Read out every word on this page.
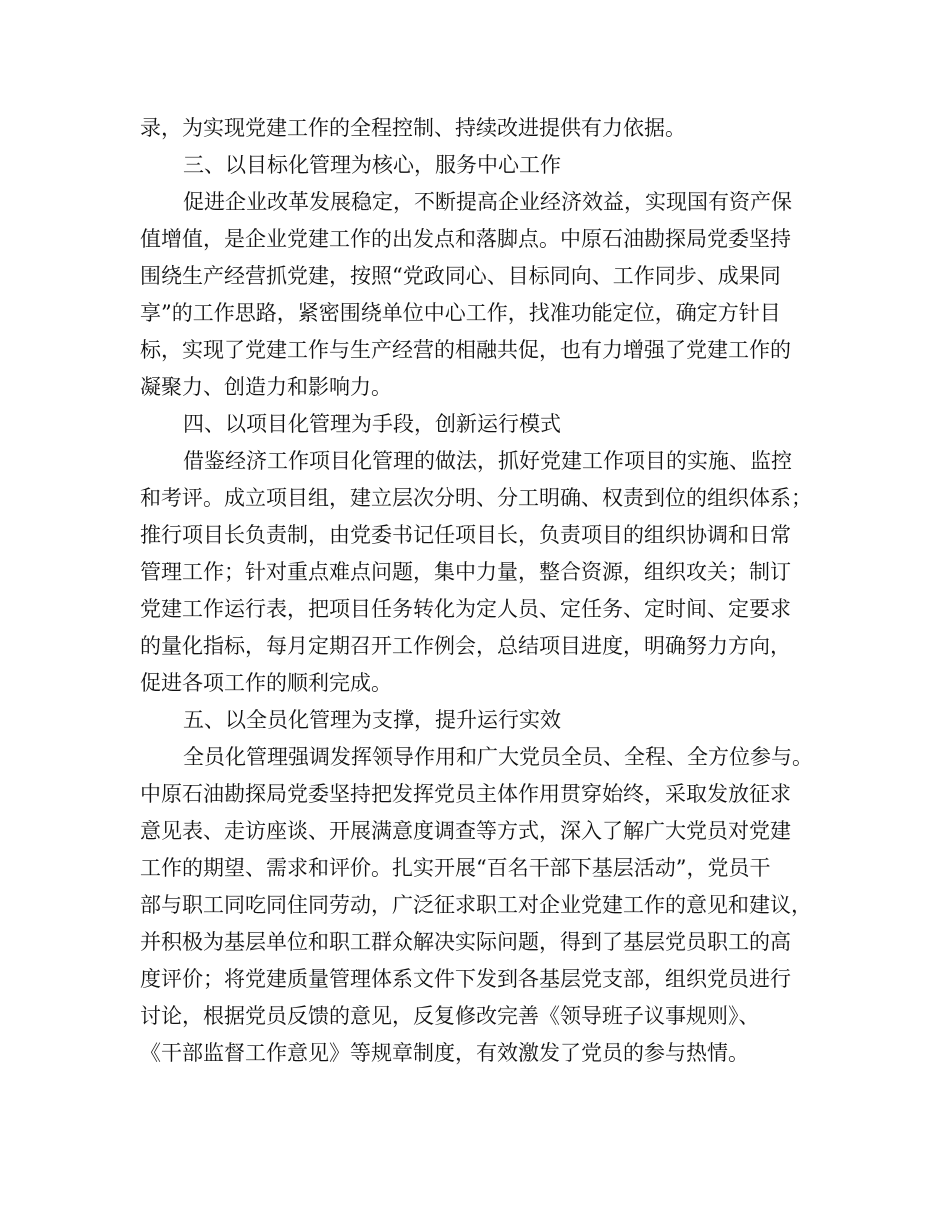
录，为实现党建工作的全程控制、持续改进提供有力依据。

三、以目标化管理为核心，服务中心工作

促进企业改革发展稳定，不断提高企业经济效益，实现国有资产保

值增值，是企业党建工作的出发点和落脚点。中原石油勘探局党委坚持

围绕生产经营抓党建，按照“党政同心、目标同向、工作同步、成果同

享”的工作思路，紧密围绕单位中心工作，找准功能定位，确定方针目

标，实现了党建工作与生产经营的相融共促，也有力增强了党建工作的

凝聚力、创造力和影响力。

四、以项目化管理为手段，创新运行模式

借鉴经济工作项目化管理的做法，抓好党建工作项目的实施、监控

和考评。成立项目组，建立层次分明、分工明确、权责到位的组织体系；

推行项目长负责制，由党委书记任项目长，负责项目的组织协调和日常

管理工作；针对重点难点问题，集中力量，整合资源，组织攻关；制订

党建工作运行表，把项目任务转化为定人员、定任务、定时间、定要求

的量化指标，每月定期召开工作例会，总结项目进度，明确努力方向，

促进各项工作的顺利完成。

五、以全员化管理为支撑，提升运行实效

全员化管理强调发挥领导作用和广大党员全员、全程、全方位参与。

中原石油勘探局党委坚持把发挥党员主体作用贯穿始终，采取发放征求

意见表、走访座谈、开展满意度调查等方式，深入了解广大党员对党建

工作的期望、需求和评价。扎实开展“百名干部下基层活动”，党员干

部与职工同吃同住同劳动，广泛征求职工对企业党建工作的意见和建议，

并积极为基层单位和职工群众解决实际问题，得到了基层党员职工的高

度评价；将党建质量管理体系文件下发到各基层党支部，组织党员进行

讨论，根据党员反馈的意见，反复修改完善《领导班子议事规则》、

《干部监督工作意见》等规章制度，有效激发了党员的参与热情。
